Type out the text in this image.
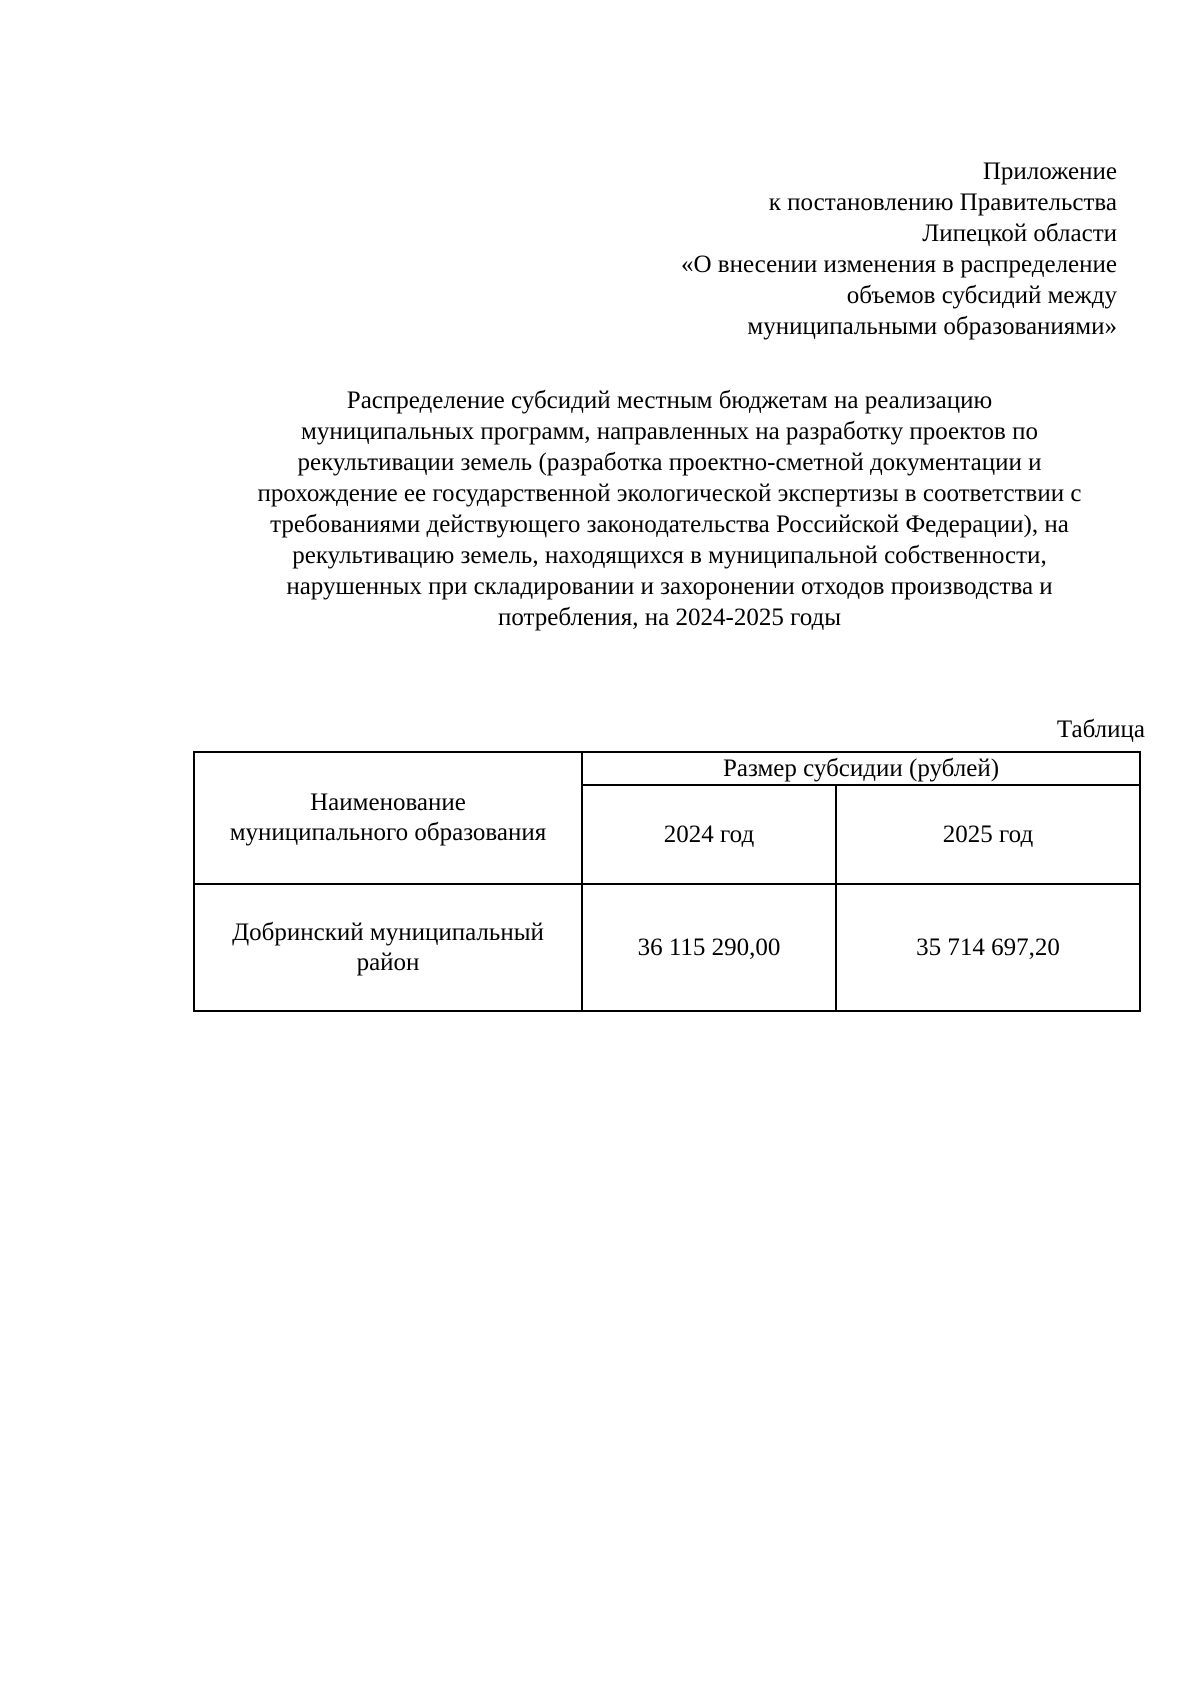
Приложение
к постановлению Правительства
Липецкой области
«О внесении изменения в распределение
объемов субсидий между
муниципальными образованиями»
Распределение субсидий местным бюджетам на реализацию
муниципальных программ, направленных на разработку проектов по
рекультивации земель (разработка проектно-сметной документации и
прохождение ее государственной экологической экспертизы в соответствии с
требованиями действующего законодательства Российской Федерации), на
рекультивацию земель, находящихся в муниципальной собственности,
нарушенных при складировании и захоронении отходов производства и
потребления, на 2024-2025 годы
Таблица
Наименование
муниципального образования	Размер субсидии (рублей)	
	2024 год	2025 год

Добринский муниципальный
район	36 115 290,00	35 714 697,20
